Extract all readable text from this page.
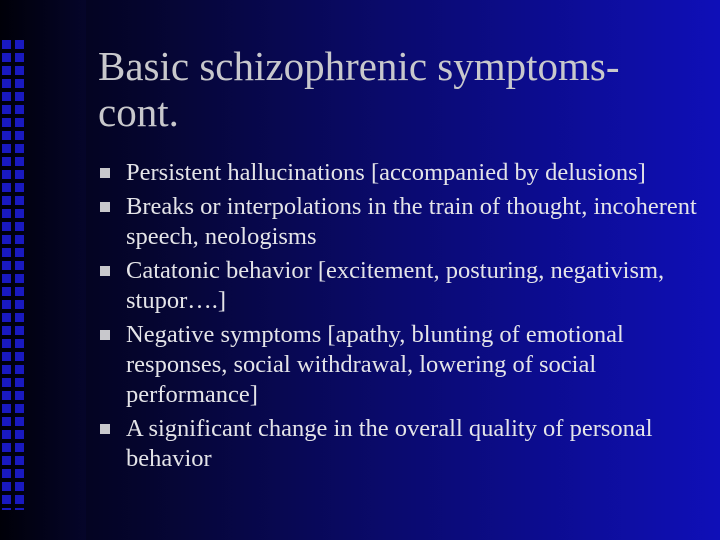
Basic schizophrenic symptoms-cont.
Persistent hallucinations [accompanied by delusions]
Breaks or interpolations in the train of thought, incoherent speech, neologisms
Catatonic behavior [excitement, posturing, negativism, stupor….]
Negative symptoms [apathy, blunting of emotional responses, social withdrawal, lowering of social performance]
A significant change in the overall quality of personal behavior
